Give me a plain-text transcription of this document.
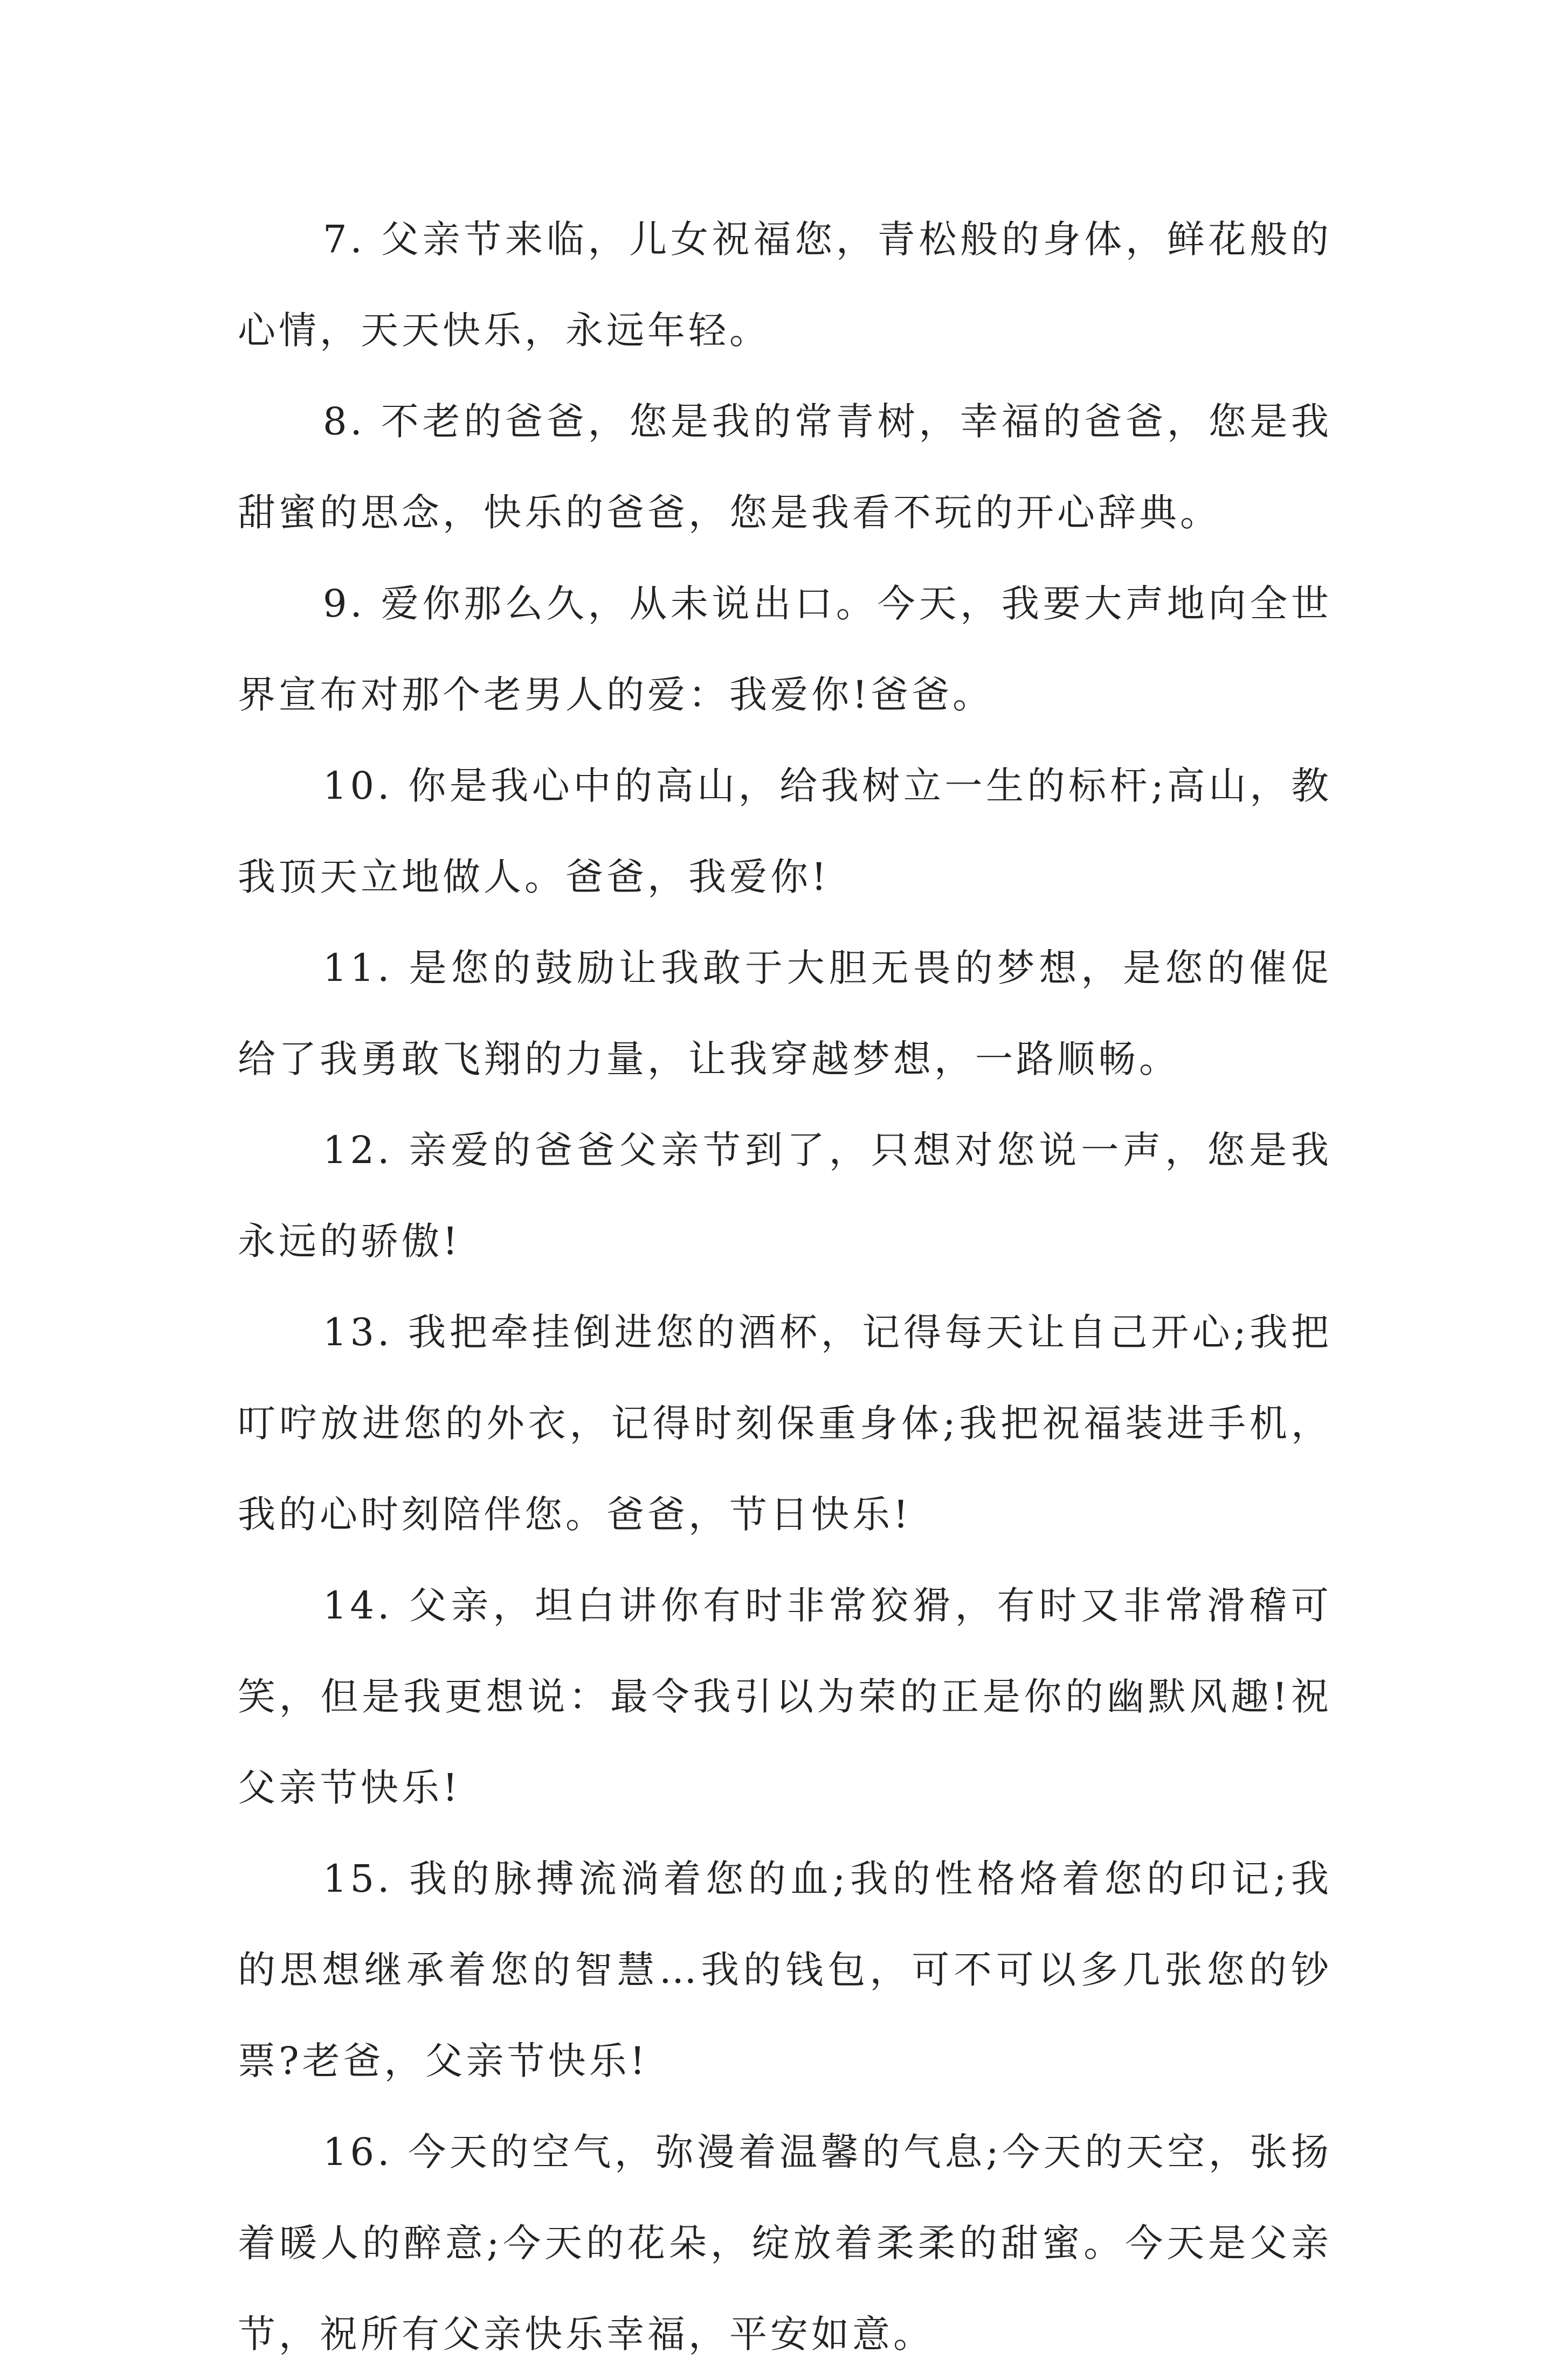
7. 父亲节来临，儿女祝福您，青松般的身体，鲜花般的心情，天天快乐，永远年轻。

8. 不老的爸爸，您是我的常青树，幸福的爸爸，您是我甜蜜的思念，快乐的爸爸，您是我看不玩的开心辞典。

9. 爱你那么久，从未说出口。今天，我要大声地向全世界宣布对那个老男人的爱：我爱你!爸爸。

10. 你是我心中的高山，给我树立一生的标杆;高山，教我顶天立地做人。爸爸，我爱你!

11. 是您的鼓励让我敢于大胆无畏的梦想，是您的催促给了我勇敢飞翔的力量，让我穿越梦想，一路顺畅。

12. 亲爱的爸爸父亲节到了，只想对您说一声，您是我永远的骄傲!

13. 我把牵挂倒进您的酒杯，记得每天让自己开心;我把叮咛放进您的外衣，记得时刻保重身体;我把祝福装进手机，我的心时刻陪伴您。爸爸，节日快乐!

14. 父亲，坦白讲你有时非常狡猾，有时又非常滑稽可笑，但是我更想说：最令我引以为荣的正是你的幽默风趣!祝父亲节快乐!

15. 我的脉搏流淌着您的血;我的性格烙着您的印记;我的思想继承着您的智慧…我的钱包，可不可以多几张您的钞票?老爸，父亲节快乐!

16. 今天的空气，弥漫着温馨的气息;今天的天空，张扬着暖人的醉意;今天的花朵，绽放着柔柔的甜蜜。今天是父亲节，祝所有父亲快乐幸福，平安如意。
